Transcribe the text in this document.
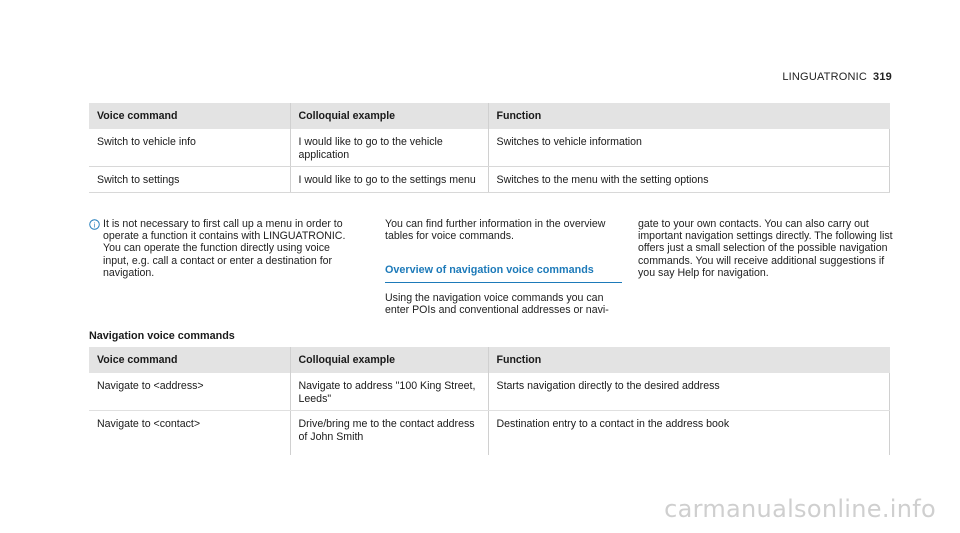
LINGUATRONIC 319
Voice command	Colloquial example	Function
Switch to vehicle info	I would like to go to the vehicle application	Switches to vehicle information
Switch to settings	I would like to go to the settings menu	Switches to the menu with the setting options
i It is not necessary to first call up a menu in order to operate a function it contains with LINGUATRONIC. You can operate the function directly using voice input, e.g. call a contact or enter a destination for navigation.

You can find further information in the overview tables for voice commands.

Overview of navigation voice commands

Using the navigation voice commands you can enter POIs and conventional addresses or navi-

gate to your own contacts. You can also carry out important navigation settings directly. The following list offers just a small selection of the possible navigation commands. You will receive additional suggestions if you say Help for navigation.

Navigation voice commands
Voice command	Colloquial example	Function
Navigate to <address>	Navigate to address "100 King Street, Leeds"	Starts navigation directly to the desired address
Navigate to <contact>	Drive/bring me to the contact address of John Smith	Destination entry to a contact in the address book
carmanualsonline.info
